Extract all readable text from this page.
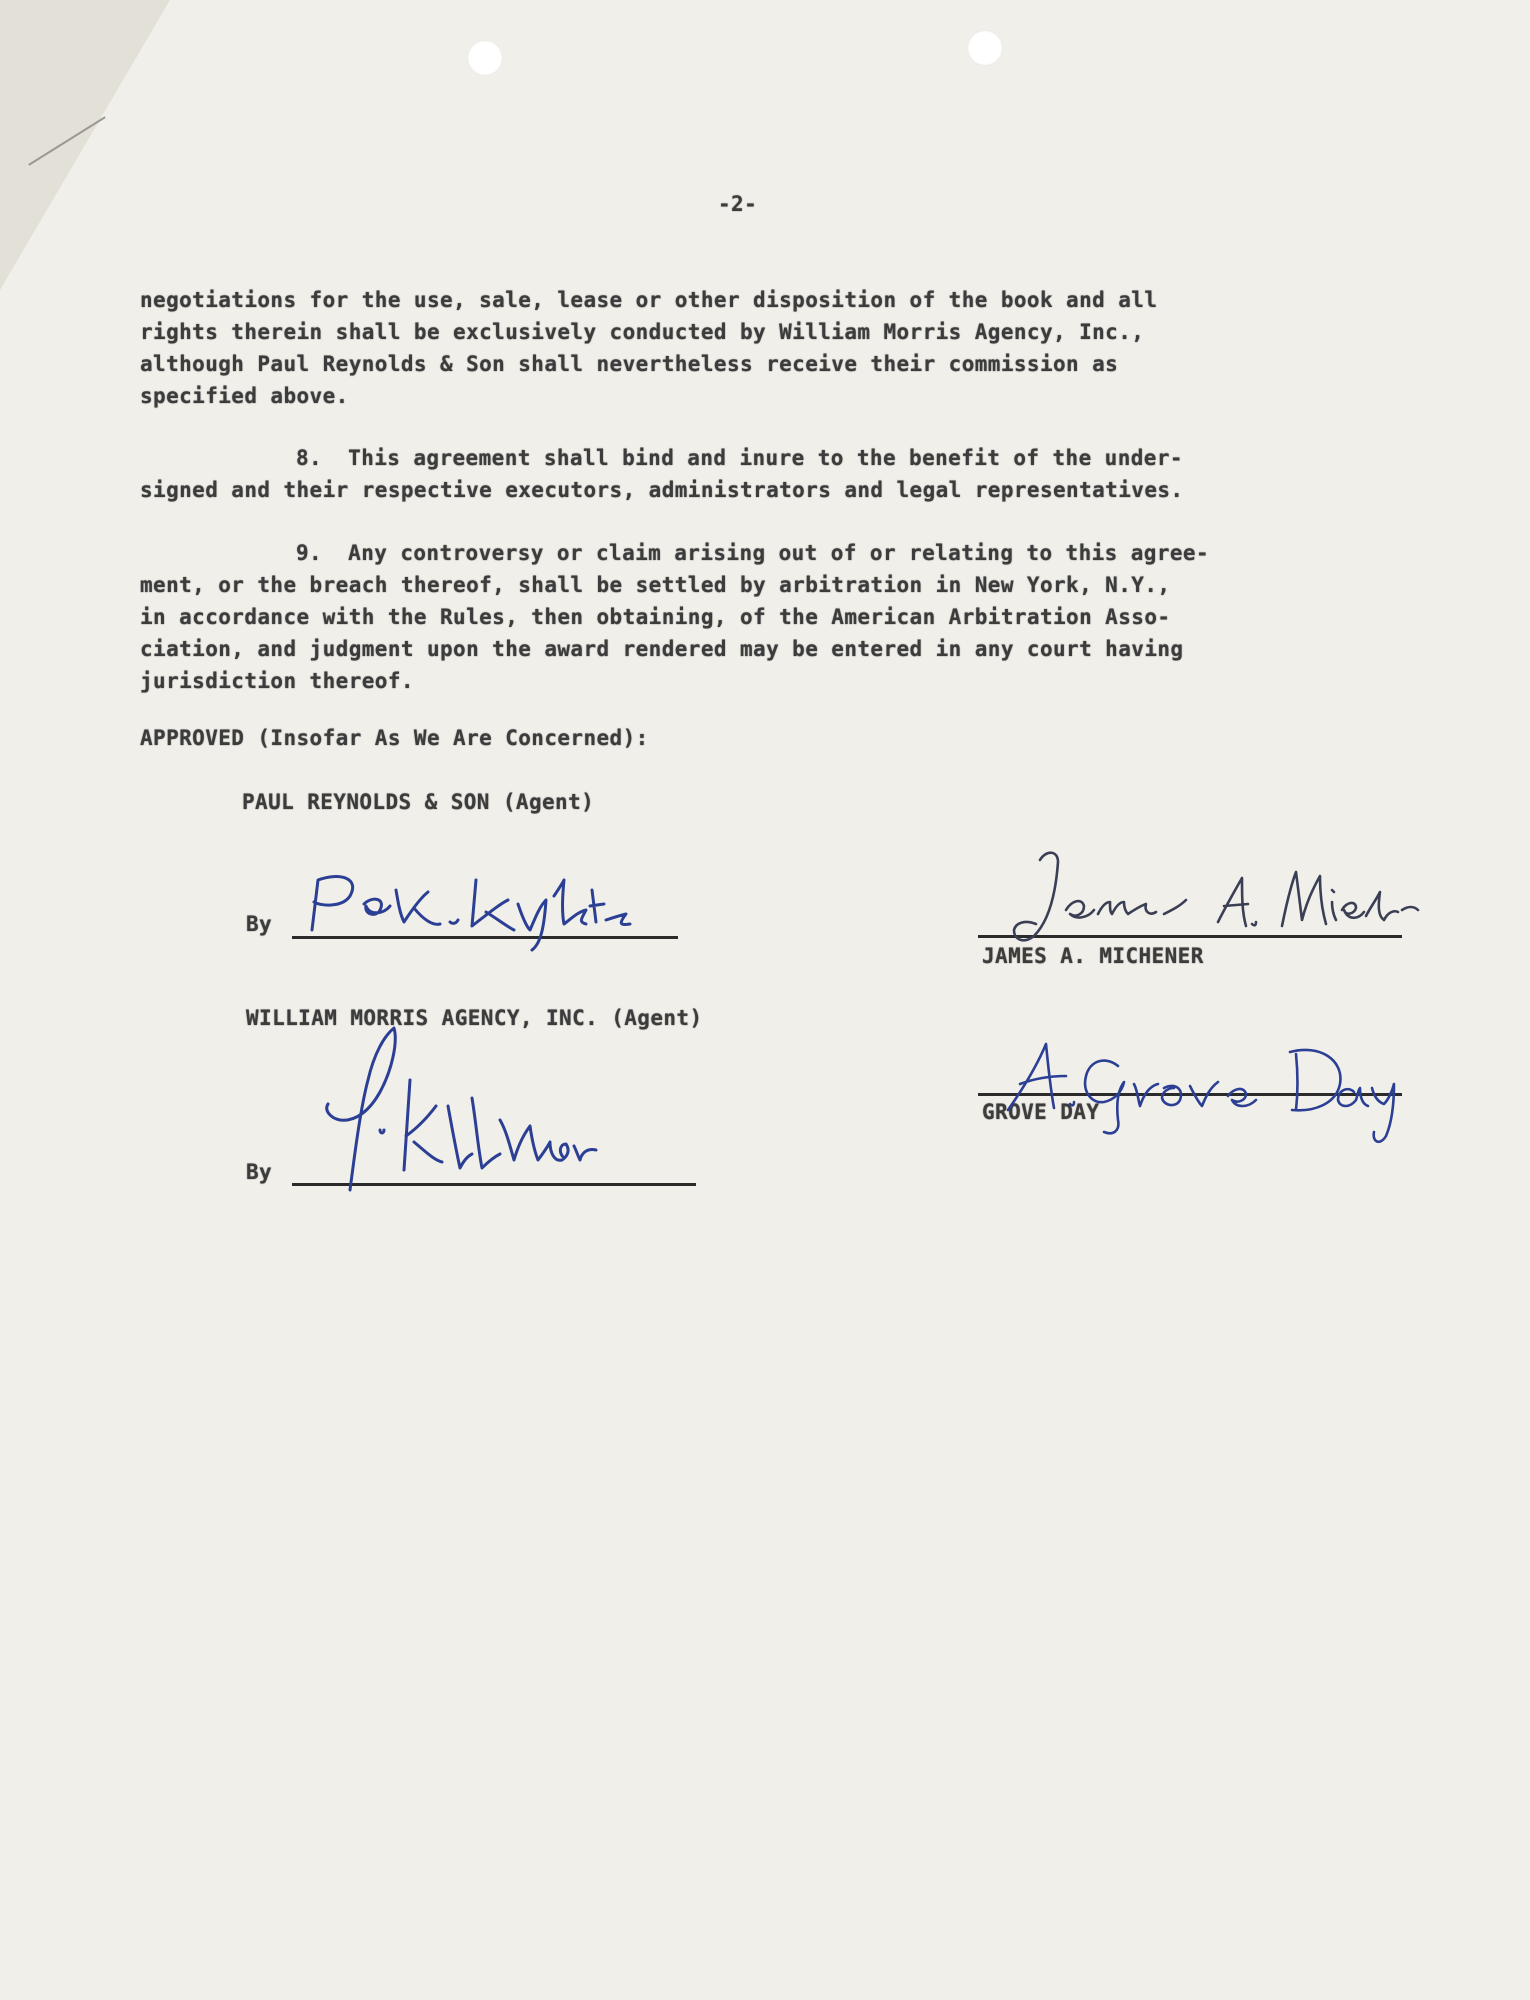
-2-
negotiations for the use, sale, lease or other disposition of the book and all
rights therein shall be exclusively conducted by William Morris Agency, Inc.,
although Paul Reynolds & Son shall nevertheless receive their commission as
specified above.
8.  This agreement shall bind and inure to the benefit of the under-
signed and their respective executors, administrators and legal representatives.
9.  Any controversy or claim arising out of or relating to this agree-
ment, or the breach thereof, shall be settled by arbitration in New York, N.Y.,
in accordance with the Rules, then obtaining, of the American Arbitration Asso-
ciation, and judgment upon the award rendered may be entered in any court having
jurisdiction thereof.
APPROVED (Insofar As We Are Concerned):
PAUL REYNOLDS & SON (Agent)
By
WILLIAM MORRIS AGENCY, INC. (Agent)
By
JAMES A. MICHENER
GROVE DAY
